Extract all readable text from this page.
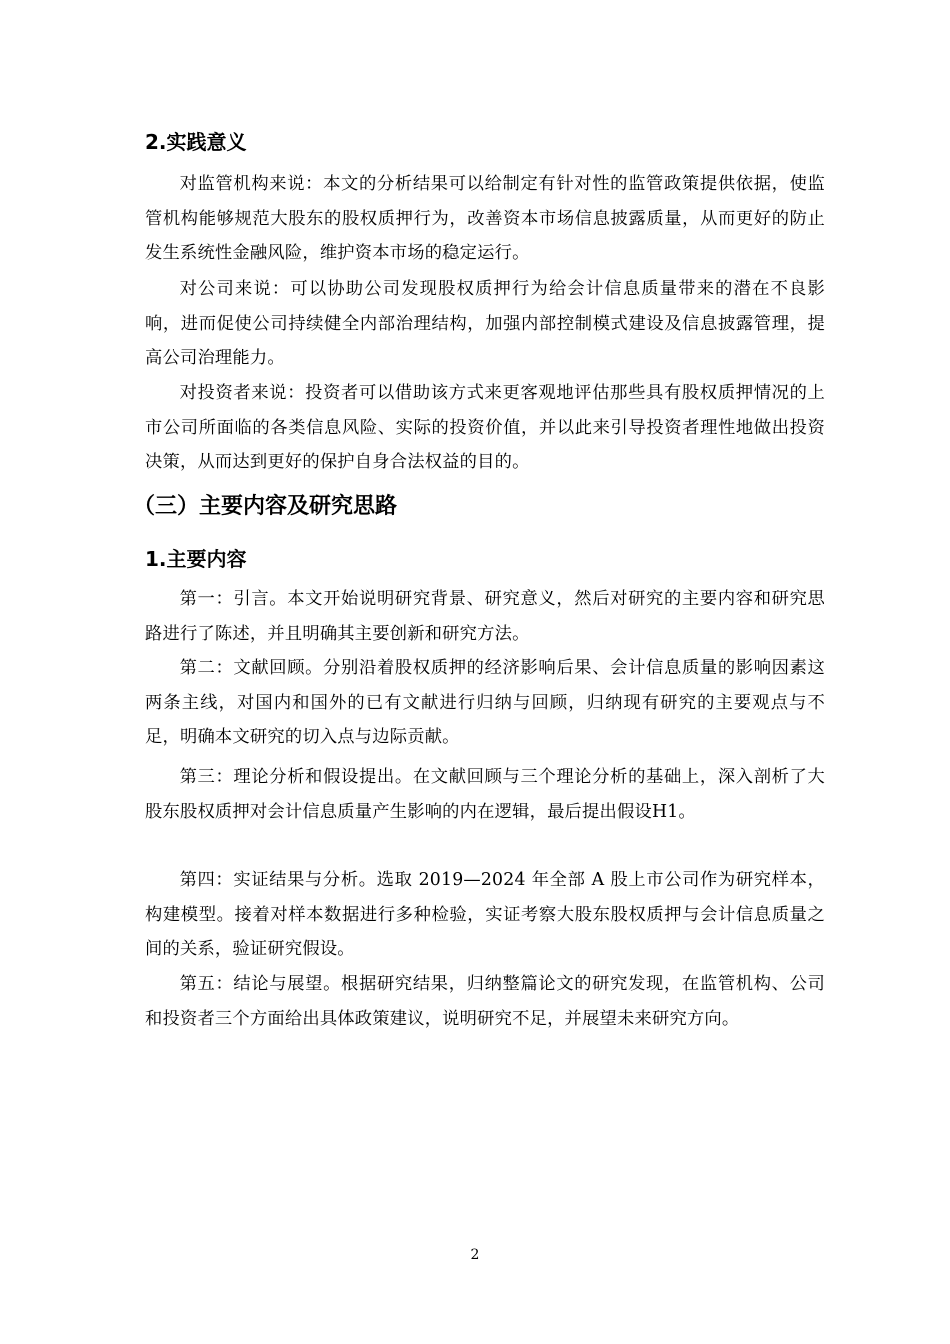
2.实践意义

对监管机构来说：本文的分析结果可以给制定有针对性的监管政策提供依据，使监管机构能够规范大股东的股权质押行为，改善资本市场信息披露质量，从而更好的防止发生系统性金融风险，维护资本市场的稳定运行。

对公司来说：可以协助公司发现股权质押行为给会计信息质量带来的潜在不良影响，进而促使公司持续健全内部治理结构，加强内部控制模式建设及信息披露管理，提高公司治理能力。

对投资者来说：投资者可以借助该方式来更客观地评估那些具有股权质押情况的上市公司所面临的各类信息风险、实际的投资价值，并以此来引导投资者理性地做出投资决策，从而达到更好的保护自身合法权益的目的。

（三）主要内容及研究思路
1.主要内容

第一：引言。本文开始说明研究背景、研究意义，然后对研究的主要内容和研究思路进行了陈述，并且明确其主要创新和研究方法。

第二：文献回顾。分别沿着股权质押的经济影响后果、会计信息质量的影响因素这两条主线，对国内和国外的已有文献进行归纳与回顾，归纳现有研究的主要观点与不足，明确本文研究的切入点与边际贡献。

第三：理论分析和假设提出。在文献回顾与三个理论分析的基础上，深入剖析了大股东股权质押对会计信息质量产生影响的内在逻辑，最后提出假设H1。

第四：实证结果与分析。选取 2019—2024 年全部 A 股上市公司作为研究样本，构建模型。接着对样本数据进行多种检验，实证考察大股东股权质押与会计信息质量之间的关系，验证研究假设。

第五：结论与展望。根据研究结果，归纳整篇论文的研究发现，在监管机构、公司和投资者三个方面给出具体政策建议，说明研究不足，并展望未来研究方向。

2
